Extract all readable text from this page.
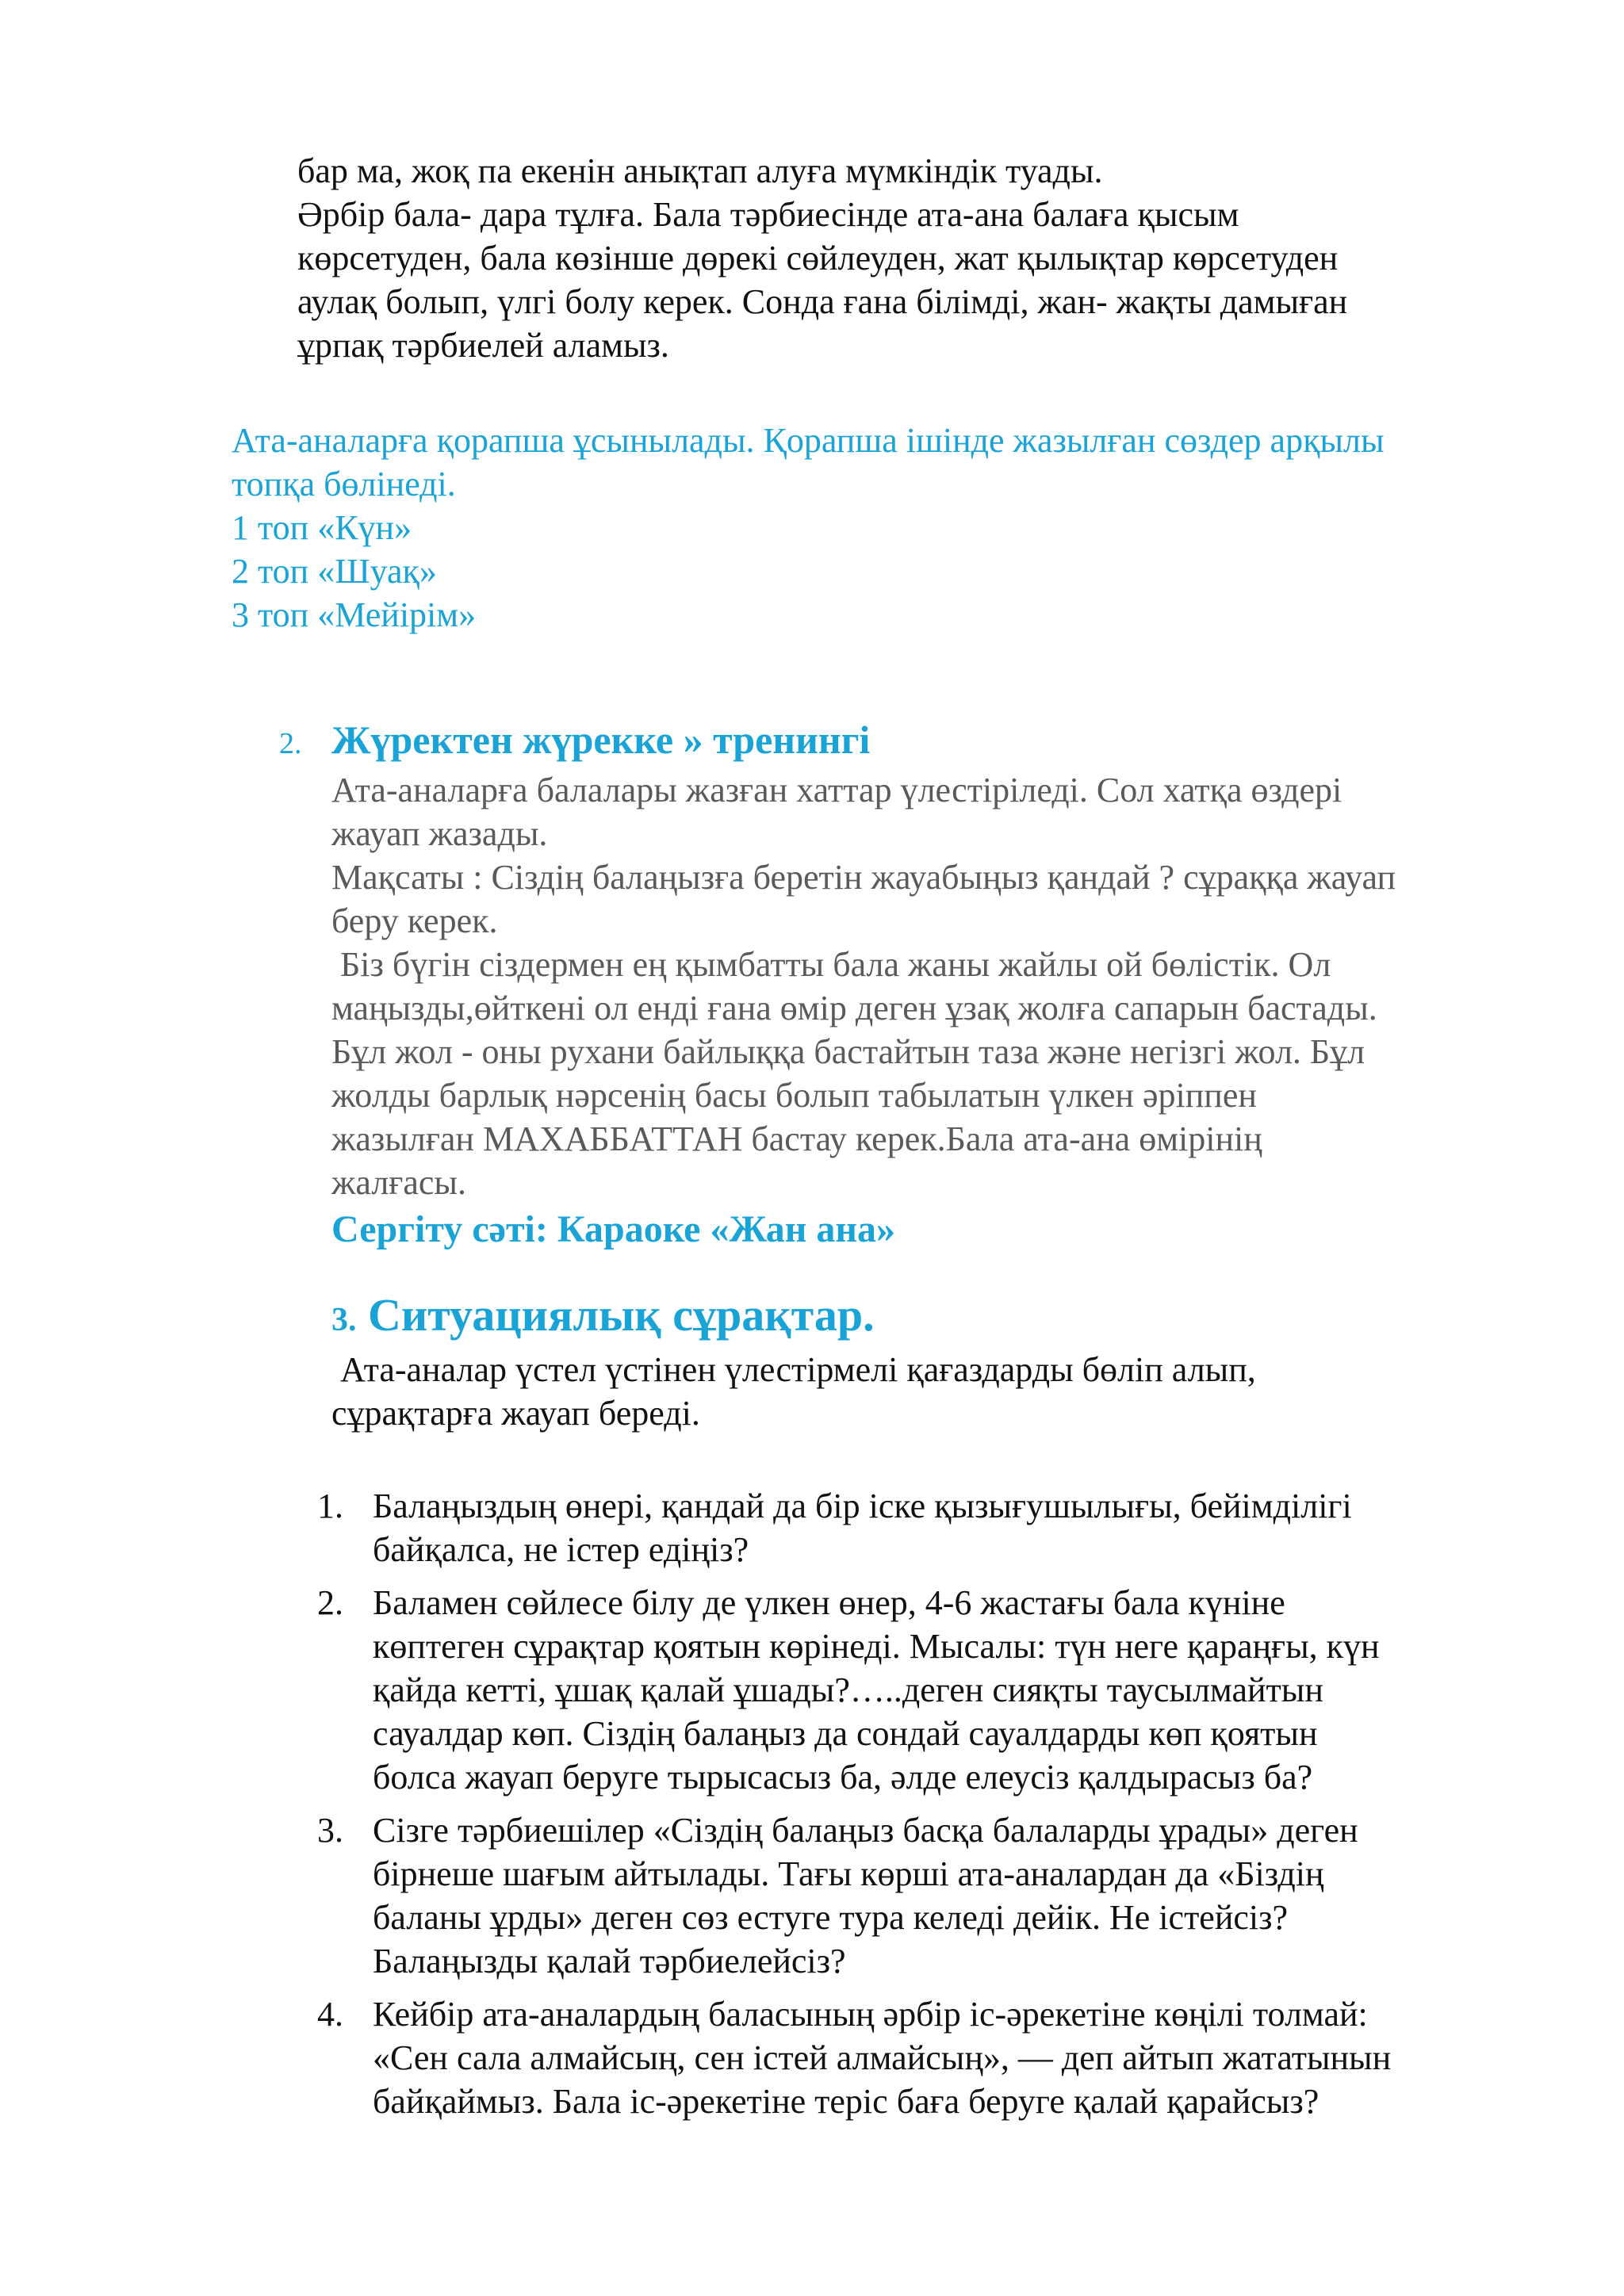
бар ма, жоқ па екенін анықтап алуға мүмкіндік туады.

Әрбір бала- дара тұлға. Бала тәрбиесінде ата-ана балаға қысым

көрсетуден, бала көзінше дөрекі сөйлеуден, жат қылықтар көрсетуден

аулақ болып, үлгі болу керек. Сонда ғана білімді, жан- жақты дамыған

ұрпақ тәрбиелей аламыз.

Ата-аналарға қорапша ұсынылады. Қорапша ішінде жазылған сөздер арқылы

топқа бөлінеді.

1 топ «Күн»

2 топ «Шуақ»

3 топ «Мейірім»

2. Жүректен жүрекке » тренингі

Ата-аналарға балалары жазған хаттар үлестіріледі. Сол хатқа өздері

жауап жазады.

Мақсаты : Сіздің балаңызға беретін жауабыңыз қандай ? сұраққа жауап

беру керек.

Біз бүгін сіздермен ең қымбатты бала жаны жайлы ой бөлістік. Ол

маңызды,өйткені ол енді ғана өмір деген ұзақ жолға сапарын бастады.

Бұл жол - оны рухани байлыққа бастайтын таза және негізгі жол. Бұл

жолды барлық нәрсенің басы болып табылатын үлкен әріппен

жазылған МАХАББАТТАН бастау керек.Бала ата-ана өмірінің

жалғасы.

Сергіту сәті: Караоке «Жан ана»
3. Ситуациялық сұрақтар.

Ата-аналар үстел үстінен үлестірмелі қағаздарды бөліп алып,

сұрақтарға жауап береді.

1. Балаңыздың өнері, қандай да бір іске қызығушылығы, бейімділігі
байқалса, не істер едіңіз?
2. Баламен сөйлесе білу де үлкен өнер, 4-6 жастағы бала күніне
көптеген сұрақтар қоятын көрінеді. Мысалы: түн неге қараңғы, күн
қайда кетті, ұшақ қалай ұшады?…..деген сияқты таусылмайтын
сауалдар көп. Сіздің балаңыз да сондай сауалдарды көп қоятын
болса жауап беруге тырысасыз ба, әлде елеусіз қалдырасыз ба?
3. Сізге тәрбиешілер «Сіздің балаңыз басқа балаларды ұрады» деген
бірнеше шағым айтылады. Тағы көрші ата-аналардан да «Біздің
баланы ұрды» деген сөз естуге тура келеді дейік. Не істейсіз?
Балаңызды қалай тәрбиелейсіз?
4. Кейбір ата-аналардың баласының әрбір іс-әрекетіне көңілі толмай:
«Сен сала алмайсың, сен істей алмайсың», — деп айтып жататынын
байқаймыз. Бала іс-әрекетіне теріс баға беруге қалай қарайсыз?
